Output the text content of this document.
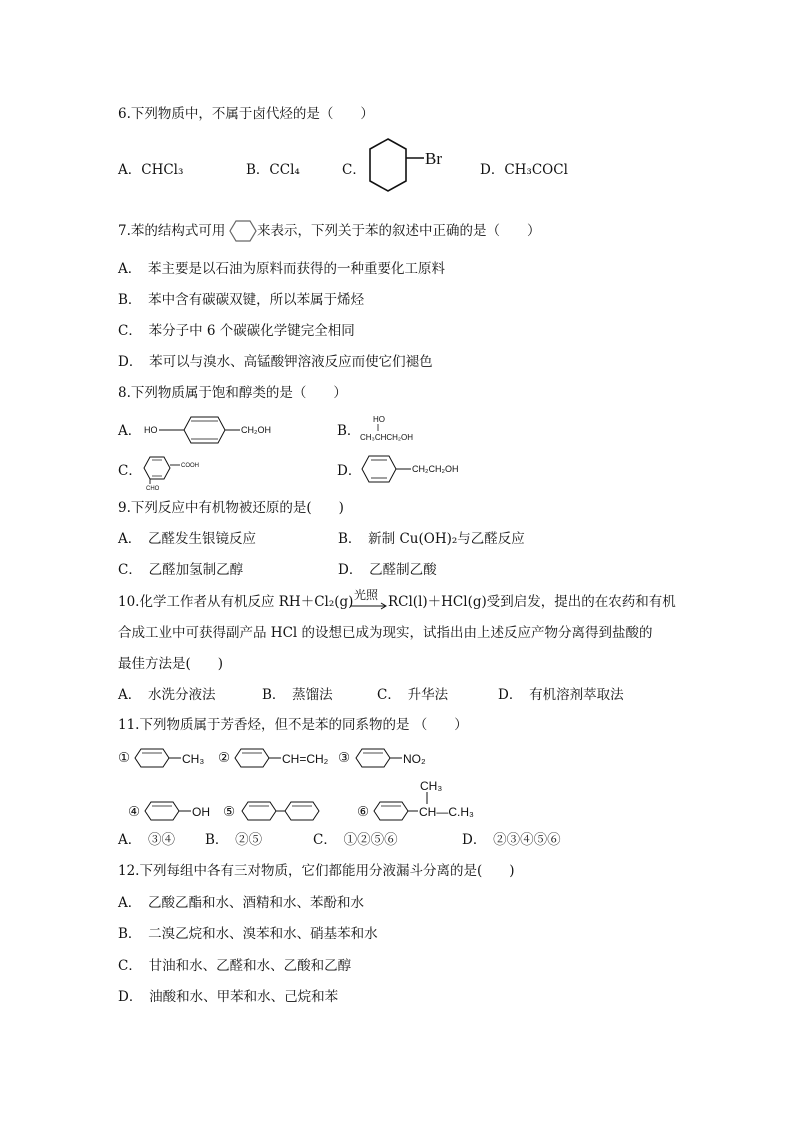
6.下列物质中，不属于卤代烃的是（　　）
A．CHCl₃	B．CCl₄	C．
Br
D．CH₃COCl
7.苯的结构式可用 来表示，下列关于苯的叙述中正确的是（　　）
A．　苯主要是以石油为原料而获得的一种重要化工原料
B．　苯中含有碳碳双键，所以苯属于烯烃
C．　苯分子中 6 个碳碳化学键完全相同
D．　苯可以与溴水、高锰酸钾溶液反应而使它们褪色
8.下列物质属于饱和醇类的是（　　）
A． HO	CH₂OH	B．
HO
CH₃CHCH₂OH
C．	COOH
CHO
D．	CH₂CH₂OH
9.下列反应中有机物被还原的是(　　)
A．　乙醛发生银镜反应	B．　新制 Cu(OH)₂与乙醛反应
C．　乙醛加氢制乙醇	D．　乙醛制乙酸
10.化学工作者从有机反应 RH＋Cl₂(g) 光照 RCl(l)＋HCl(g)受到启发，提出的在农药和有机
合成工业中可获得副产品 HCl 的设想已成为现实，试指出由上述反应产物分离得到盐酸的
最佳方法是(　　)
A．　水洗分液法	B．　蒸馏法	C．　升华法	D．　有机溶剂萃取法
11.下列物质属于芳香烃，但不是苯的同系物的是 （　　）
①	CH₃ ②	CH=CH₂ ③	NO₂
④	OH ⑤	⑥
CH₃
CH—C.H₃
A．　③④ B．　②⑤	C．　①②⑤⑥	D．　②③④⑤⑥
12.下列每组中各有三对物质，它们都能用分液漏斗分离的是(　　)
A．　乙酸乙酯和水、酒精和水、苯酚和水
B．　二溴乙烷和水、溴苯和水、硝基苯和水
C．　甘油和水、乙醛和水、乙酸和乙醇
D．　油酸和水、甲苯和水、己烷和苯
